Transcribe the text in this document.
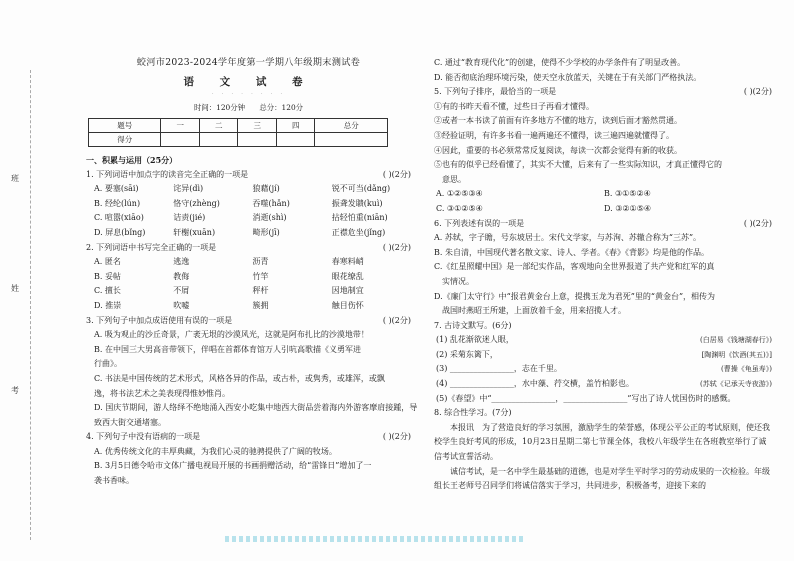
班
姓
考

蛟河市2023-2024学年度第一学期八年级期末测试卷

语 文 试 卷

· · · · · · · ·

时间：120分钟 总分：120分

题号	一	二	三	四	总分
得分					
一、积累与运用（25分）
1. 下列词语中加点字的读音完全正确的一项是	( )(2分)
A. 要塞(sāi)	诧异(dì)	狼藉(jí)	锐不可当(dǎng)
B. 经纶(lún)	恪守(zhèng)	吞噬(hǎn)	振聋发聩(kuì)
C. 喧嚣(xiāo)	诘责(jié)	消逝(shì)	拈轻怕重(niān)
D. 屏息(bǐng)	轩榭(xuān)	畸形(jī)	正襟危坐(jǐng)
2. 下列词语中书写完全正确的一项是	( )(2分)
A. 匿名	逃逸	沥青	春寒料峭
B. 妥帖	教侮	竹竿	眼花缭乱
C. 擅长	不屑	秤杆	因地制宜
D. 推崇	吹嘘	簇拥	触目伤怀
3. 下列句子中加点成语使用有误的一项是	( )(2分)
A. 吸为观止的沙丘奇景，广袤无垠的沙漠风光，这就是阿布扎比的沙漠地带！
B. 在中国三大男高音带领下，伴唱在首都体育馆万人引吭高歌描《义勇军进
行曲》。
C. 书法是中国传统的艺术形式，风格各异的作品，或古朴，或隽秀，或雄浑，或飘
逸，将书法艺术之美表现得惟妙惟肖。
D. 国庆节期间，游人络绎不绝地涌入西安小吃集中地西大街品尝着海内外游客摩肩接踵，导
致西大街交通堵塞。
4. 下列句子中没有语病的一项是	( )(2分)
A. 优秀传统文化的丰厚典藏，为我们心灵的驰骋提供了广阔的牧场。
B. 3月5日德令哈市文体广播电视局开展的书画捐赠活动，给“雷锋日”增加了一
袭书香味。
C. 通过“教育现代化”的创建，使得不少学校的办学条件有了明显改善。
D. 能否彻底治理环境污染，使天空永放蓝天，关键在于有关部门严格执法。
5. 下列句子排序，最恰当的一项是	( )(2分)
①有的书昨天看不懂，过些日子再看才懂得。
②或者一本书读了前面有许多地方不懂的地方，读到后面才豁然贯通。
③经验证明，有许多书看一遍两遍还不懂得，读三遍四遍就懂得了。
④因此，重要的书必须常常反复阅读，每读一次都会觉得有新的收获。
⑤也有的似乎已经看懂了，其实不大懂，后来有了一些实际知识，才真正懂得它的
意思。
A. ①②⑤③④	B. ③①⑤②④
C. ③①②⑤④	D. ③②①⑤④
6. 下列表述有误的一项是	( )(2分)
A. 苏轼，字子瞻，号东坡居士。宋代文学家，与苏洵、苏辙合称为“三苏”。
B. 朱自清，中国现代著名散文家、诗人、学者。《春》《背影》均是他的作品。
C.《红星照耀中国》是一部纪实作品，客观地向全世界报道了共产党和红军的真
实情况。
D.《廉门太守行》中“报君黄金台上意，提携玉龙为君死”里的“黄金台”，相传为
战国时燕昭王所建，上面放着千金，用来招揽人才。
7. 古诗文默写。(6分)
(1) 乱花渐欲迷人眼，	(白居易《钱塘湖春行》)
(2) 采菊东篱下，	[陶渊明《饮酒(其五)》]
(3) ________________，志在千里。	(曹操《龟虽寿》)
(4) ________________，水中藻、荇交横，盖竹柏影也。	(苏轼《记承天寺夜游》)
(5)《春望》中“________________，________________”写出了诗人忧国伤时的感慨。
8. 综合性学习。(7分)
本报讯　为了营造良好的学习氛围，激励学生的荣誉感，体现公平公正的考试原则，使还我校学生良好考风的形成，10月23日星期二第七节课全体，我校八年级学生在各班教室举行了诚信考试宣誓活动。
诚信考试，是一名中学生最基础的道德，也是对学生平时学习的劳动成果的一次检验。年级组长王老师号召同学们将诚信落实于学习，共同进步，积极备考，迎接下来的
